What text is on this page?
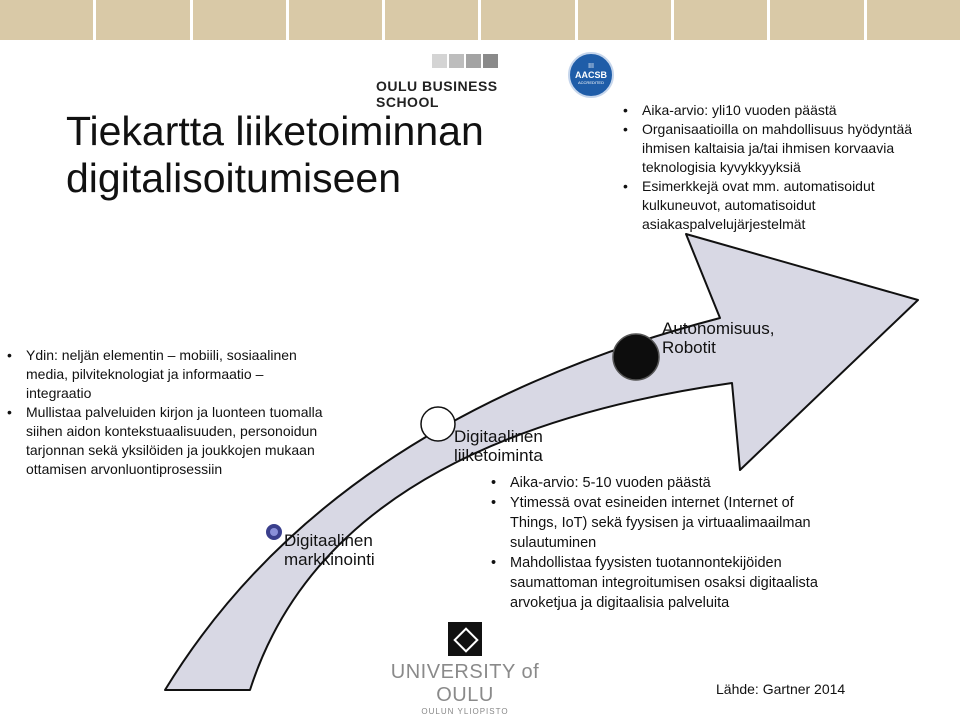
Tiekartta liiketoiminnan
digitalisoitumiseen
OULU BUSINESS SCHOOL
III
AACSB
ACCREDITED
• Aika-arvio: yli10 vuoden päästä
• Organisaatioilla on mahdollisuus hyödyntää
ihmisen kaltaisia ja/tai ihmisen korvaavia
teknologisia kyvykkyyksiä
• Esimerkkejä ovat mm. automatisoidut
kulkuneuvot, automatisoidut
asiakaspalvelujärjestelmät
• Ydin: neljän elementin – mobiili, sosiaalinen
media, pilviteknologiat ja informaatio –
integraatio
• Mullistaa palveluiden kirjon ja luonteen tuomalla
siihen aidon kontekstuaalisuuden, personoidun
tarjonnan sekä yksilöiden ja joukkojen mukaan
ottamisen arvonluontiprosessiin
• Aika-arvio: 5-10 vuoden päästä
• Ytimessä ovat esineiden internet (Internet of
Things, IoT) sekä fyysisen ja virtuaalimaailman
sulautuminen
• Mahdollistaa fyysisten tuotannontekijöiden
saumattoman integroitumisen osaksi digitaalista
arvoketjua ja digitaalisia palveluita
Digitaalinen
markkinointi
Digitaalinen
liiketoiminta
Autonomisuus,
Robotit
UNIVERSITY of OULU
OULUN YLIOPISTO
Lähde: Gartner 2014
